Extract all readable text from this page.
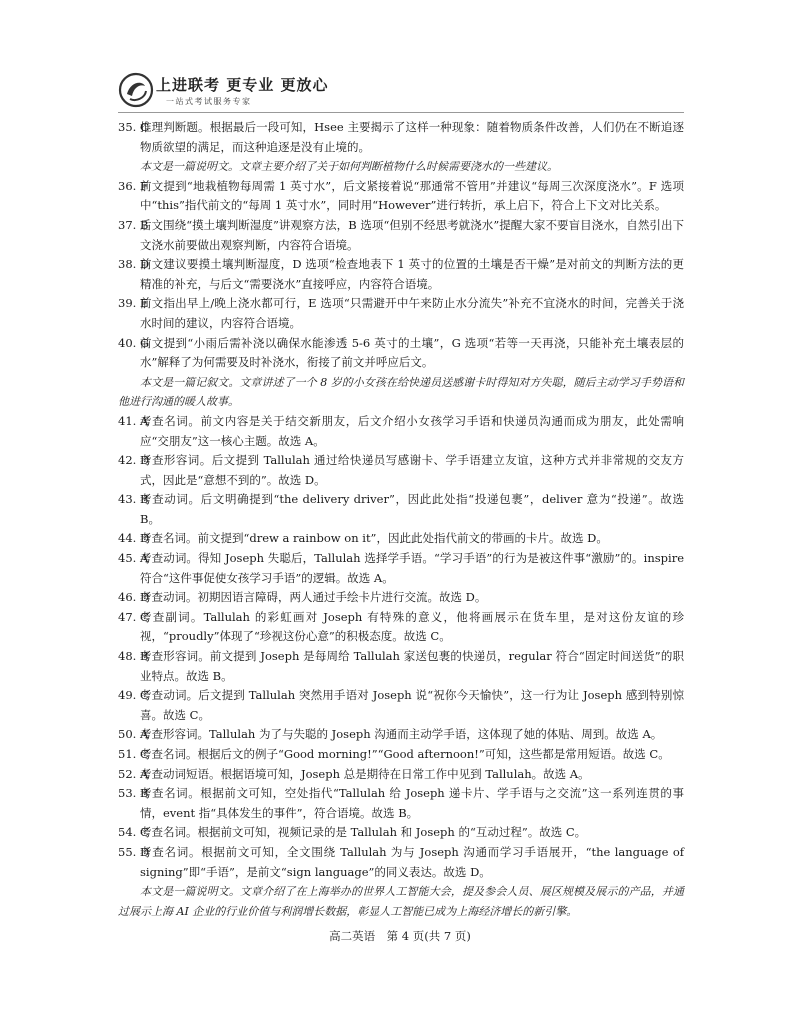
上进联考 更专业 更放心
一站式考试服务专家
35. C
推理判断题。根据最后一段可知，Hsee 主要揭示了这样一种现象：随着物质条件改善，人们仍在不断追逐物质欲望的满足，而这种追逐是没有止境的。
本文是一篇说明文。文章主要介绍了关于如何判断植物什么时候需要浇水的一些建议。
36. F
前文提到“地栽植物每周需 1 英寸水”，后文紧接着说“那通常不管用”并建议“每周三次深度浇水”。F 选项中“this”指代前文的“每周 1 英寸水”，同时用“However”进行转折，承上启下，符合上下文对比关系。
37. B
后文围绕“摸土壤判断湿度”讲观察方法，B 选项“但别不经思考就浇水”提醒大家不要盲目浇水，自然引出下文浇水前要做出观察判断，内容符合语境。
38. D
前文建议要摸土壤判断湿度，D 选项“检查地表下 1 英寸的位置的土壤是否干燥”是对前文的判断方法的更精准的补充，与后文“需要浇水”直接呼应，内容符合语境。
39. E
前文指出早上/晚上浇水都可行，E 选项“只需避开中午来防止水分流失”补充不宜浇水的时间，完善关于浇水时间的建议，内容符合语境。
40. G
前文提到“小雨后需补浇以确保水能渗透 5-6 英寸的土壤”，G 选项“若等一天再浇，只能补充土壤表层的水”解释了为何需要及时补浇水，衔接了前文并呼应后文。
本文是一篇记叙文。文章讲述了一个 8 岁的小女孩在给快递员送感谢卡时得知对方失聪，随后主动学习手势语和他进行沟通的暖人故事。
41. A
考查名词。前文内容是关于结交新朋友，后文介绍小女孩学习手语和快递员沟通而成为朋友，此处需响应“交朋友”这一核心主题。故选 A。
42. D
考查形容词。后文提到 Tallulah 通过给快递员写感谢卡、学手语建立友谊，这种方式并非常规的交友方式，因此是“意想不到的”。故选 D。
43. B
考查动词。后文明确提到“the delivery driver”，因此此处指“投递包裹”，deliver 意为“投递”。故选 B。
44. D
考查名词。前文提到“drew a rainbow on it”，因此此处指代前文的带画的卡片。故选 D。
45. A
考查动词。得知 Joseph 失聪后，Tallulah 选择学手语。“学习手语”的行为是被这件事“激励”的。inspire 符合“这件事促使女孩学习手语”的逻辑。故选 A。
46. D
考查动词。初期因语言障碍，两人通过手绘卡片进行交流。故选 D。
47. C
考查副词。Tallulah 的彩虹画对 Joseph 有特殊的意义，他将画展示在货车里，是对这份友谊的珍视，“proudly”体现了“珍视这份心意”的积极态度。故选 C。
48. B
考查形容词。前文提到 Joseph 是每周给 Tallulah 家送包裹的快递员，regular 符合“固定时间送货”的职业特点。故选 B。
49. C
考查动词。后文提到 Tallulah 突然用手语对 Joseph 说“祝你今天愉快”，这一行为让 Joseph 感到特别惊喜。故选 C。
50. A
考查形容词。Tallulah 为了与失聪的 Joseph 沟通而主动学手语，这体现了她的体贴、周到。故选 A。
51. C
考查名词。根据后文的例子“Good morning!”“Good afternoon!”可知，这些都是常用短语。故选 C。
52. A
考查动词短语。根据语境可知，Joseph 总是期待在日常工作中见到 Tallulah。故选 A。
53. B
考查名词。根据前文可知，空处指代“Tallulah 给 Joseph 递卡片、学手语与之交流”这一系列连贯的事情，event 指“具体发生的事件”，符合语境。故选 B。
54. C
考查名词。根据前文可知，视频记录的是 Tallulah 和 Joseph 的“互动过程”。故选 C。
55. D
考查名词。根据前文可知，全文围绕 Tallulah 为与 Joseph 沟通而学习手语展开，“the language of signing”即“手语”，是前文“sign language”的同义表达。故选 D。
本文是一篇说明文。文章介绍了在上海举办的世界人工智能大会，提及参会人员、展区规模及展示的产品，并通过展示上海 AI 企业的行业价值与利润增长数据，彰显人工智能已成为上海经济增长的新引擎。
高二英语　第 4 页(共 7 页)
